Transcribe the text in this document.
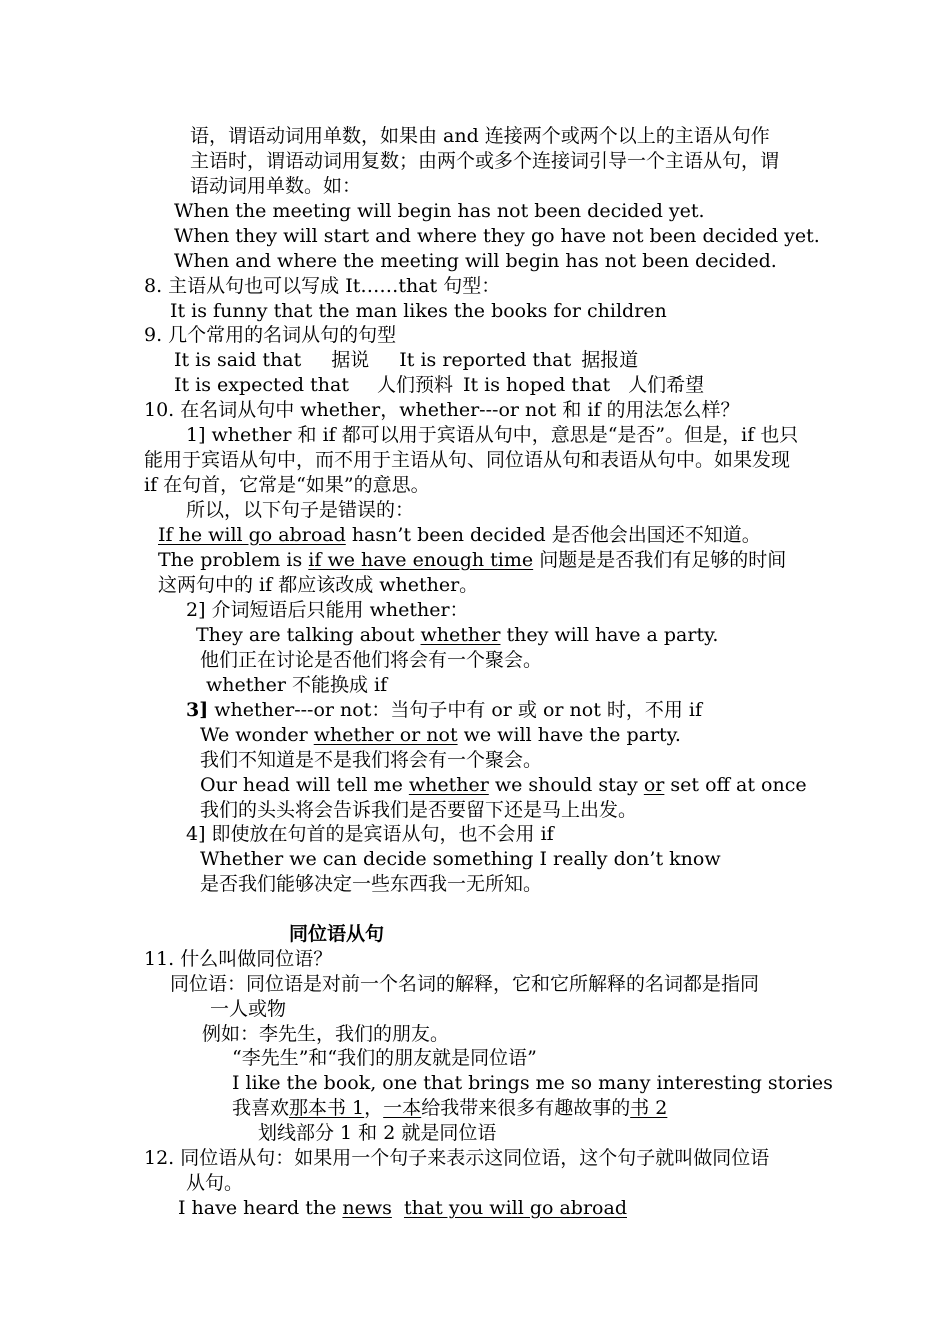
语，谓语动词用单数，如果由 and 连接两个或两个以上的主语从句作
主语时，谓语动词用复数；由两个或多个连接词引导一个主语从句，谓
语动词用单数。如：
When the meeting will begin has not been decided yet.
When they will start and where they go have not been decided yet.
When and where the meeting will begin has not been decided.
8. 主语从句也可以写成 It……that 句型：
It is funny that the man likes the books for children
9. 几个常用的名词从句的句型
It is said that 据说 It is reported that 据报道
It is expected that 人们预料 It is hoped that 人们希望
10. 在名词从句中 whether，whether---or not 和 if 的用法怎么样？
1] whether 和 if 都可以用于宾语从句中，意思是“是否”。但是，if 也只
能用于宾语从句中，而不用于主语从句、同位语从句和表语从句中。如果发现
if 在句首，它常是“如果”的意思。
所以，以下句子是错误的：
If he will go abroad hasn’t been decided 是否他会出国还不知道。
The problem is if we have enough time 问题是是否我们有足够的时间
这两句中的 if 都应该改成 whether。
2] 介词短语后只能用 whether：
They are talking about whether they will have a party.
他们正在讨论是否他们将会有一个聚会。
whether 不能换成 if
3] whether---or not：当句子中有 or 或 or not 时，不用 if
We wonder whether or not we will have the party.
我们不知道是不是我们将会有一个聚会。
Our head will tell me whether we should stay or set off at once
我们的头头将会告诉我们是否要留下还是马上出发。
4] 即使放在句首的是宾语从句，也不会用 if
Whether we can decide something I really don’t know
是否我们能够决定一些东西我一无所知。
同位语从句
11. 什么叫做同位语？
同位语：同位语是对前一个名词的解释，它和它所解释的名词都是指同
一人或物
例如：李先生，我们的朋友。
“李先生”和“我们的朋友就是同位语”
I like the book, one that brings me so many interesting stories
我喜欢那本书 1，一本给我带来很多有趣故事的书 2
划线部分 1 和 2 就是同位语
12. 同位语从句：如果用一个句子来表示这同位语，这个句子就叫做同位语
从句。
I have heard the news that you will go abroad
